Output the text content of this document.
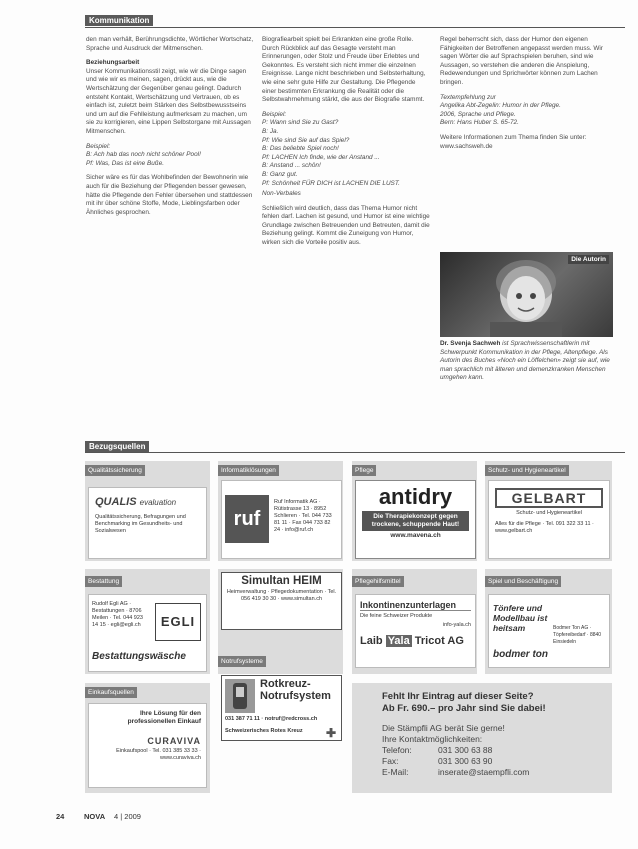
Kommunikation

den man verhält, Berührungsdichte, Wörtlicher Wortschatz, Sprache und Ausdruck der Mitmenschen.

Beziehungsarbeit

Unser Kommunikationsstil zeigt, wie wir die Dinge sagen und wie wir es meinen, sagen, drückt aus, wie die Wertschätzung der Gegenüber genau gelingt. Dadurch entsteht Kontakt, Wertschätzung und Vertrauen, ob es einfach ist, zuletzt beim Stärken des Selbstbewusstseins und um auf die Fehlleistung aufmerksam zu machen, um sie zu korrigieren, eine Lippen Selbstorgane mit Aussagen Mitmenschen.

Beispiel:

B: Ach hab das noch nicht schöner Pool!

Pf: Was, Das ist eine Buße.

Sicher wäre es für das Wohlbefinden der Bewohnerin wie auch für die Beziehung der Pflegenden besser gewesen, hätte die Pflegende den Fehler übersehen und stattdessen mit ihr über schöne Stoffe, Mode, Lieblingsfarben oder Ähnliches gesprochen.

Biografiearbeit spielt bei Erkrankten eine große Rolle. Durch Rückblick auf das Gesagte versteht man Erinnerungen, oder Stolz und Freude über Erlebtes und Gekonntes. Es versteht sich nicht immer die einzelnen Ereignisse. Lange nicht beschrieben und Selbsterhaltung, wie eine sehr gute Hilfe zur Gestaltung. Die Pflegende einer bestimmten Erkrankung die Realität oder die Selbstwahrnehmung stärkt, die aus der Biografie stammt.

Beispiel:

P: Wann sind Sie zu Gast?
B: Ja.
Pf: Wie sind Sie auf das Spiel?
B: Das beliebte Spiel noch!
Pf: LACHEN Ich finde, wie der Anstand ...
B: Anstand ... schön!
B: Ganz gut.
Pf: Schönheit FÜR DICH ist LACHEN DIE LUST.

Non-Verbales

Schließlich wird deutlich, dass das Thema Humor nicht fehlen darf. Lachen ist gesund, und Humor ist eine wichtige Grundlage zwischen Betreuenden und Betreuten, damit die Beziehung gelingt. Kommt die Zuneigung von Humor, wirken sich die Vorteile positiv aus.

Regel beherrscht sich, dass der Humor den eigenen Fähigkeiten der Betroffenen angepasst werden muss. Wir sagen Wörter die auf Sprachspielen beruhen, sind wie Aussagen, so verstehen die anderen die Anspielung, Redewendungen und Sprichwörter können zum Lachen bringen.

Textempfehlung zur

Angelika Abt-Zegelin: Humor in der Pflege.

2006, Sprache und Pflege.

Bern: Hans Huber S. 65-72.

Weitere Informationen zum Thema finden Sie unter: www.sachsweh.de

Die Autorin
Dr. Svenja Sachweh ist Sprachwissenschaftlerin mit Schwerpunkt Kommunikation in der Pflege, Altenpflege. Als Autorin des Buches «Noch ein Löffelchen» zeigt sie auf, wie man sprachlich mit älteren und demenzkranken Menschen umgehen kann.
Bezugsquellen
Qualitätssicherung	Informatiklösungen	Pflege	Schutz- und Hygieneartikel
QUALIS evaluation
Qualitätssicherung, Befragungen und Benchmarking im Gesundheits- und Sozialwesen
ruf
Ruf Informatik AG · Rütistrasse 13 · 8952 Schlieren · Tel. 044 733 81 11 · Fax 044 733 82 24 · info@ruf.ch
antidry
Die Therapiekonzept gegen trockene, schuppende Haut!
www.mavena.ch
GELBART
Schutz- und Hygieneartikel
Alles für die Pflege · Tel. 091 322 33 11 · www.gelbart.ch
Bestattung	Pflegehilfsmittel	Spiel und Beschäftigung
Rudolf Egli AG · Bestattungen · 8706 Meilen · Tel. 044 923 14 15 · egli@egli.ch	EGLI
Bestattungswäsche
Simultan HEIM
Heimverwaltung · Pflegedokumentation · Tel. 056 419 30 30 · www.simultan.ch
Notrufsysteme
Inkontinenzunterlagen
Die feine Schweizer Produkte
info-yala.ch
Laib Yala Tricot AG
Tönfere und
Modellbau ist
heitsam	Bodmer Ton AG · Töpfereibedarf · 8840 Einsiedeln
bodmer ton
Einkaufsquellen
Ihre Lösung für den professionellen Einkauf
CURAVIVA
Einkaufspool · Tel. 031 385 33 33 · www.curaviva.ch
Rotkreuz-Notrufsystem
031 387 71 11 · notruf@redcross.ch
Schweizerisches Rotes Kreuz ✚
Fehlt Ihr Eintrag auf dieser Seite?
Ab Fr. 690.– pro Jahr sind Sie dabei!
Die Stämpfli AG berät Sie gerne!
Ihre Kontaktmöglichkeiten:
Telefon:	031 300 63 88
Fax:	031 300 63 90
E-Mail:	inserate@staempfli.com
24	NOVA 4 | 2009
